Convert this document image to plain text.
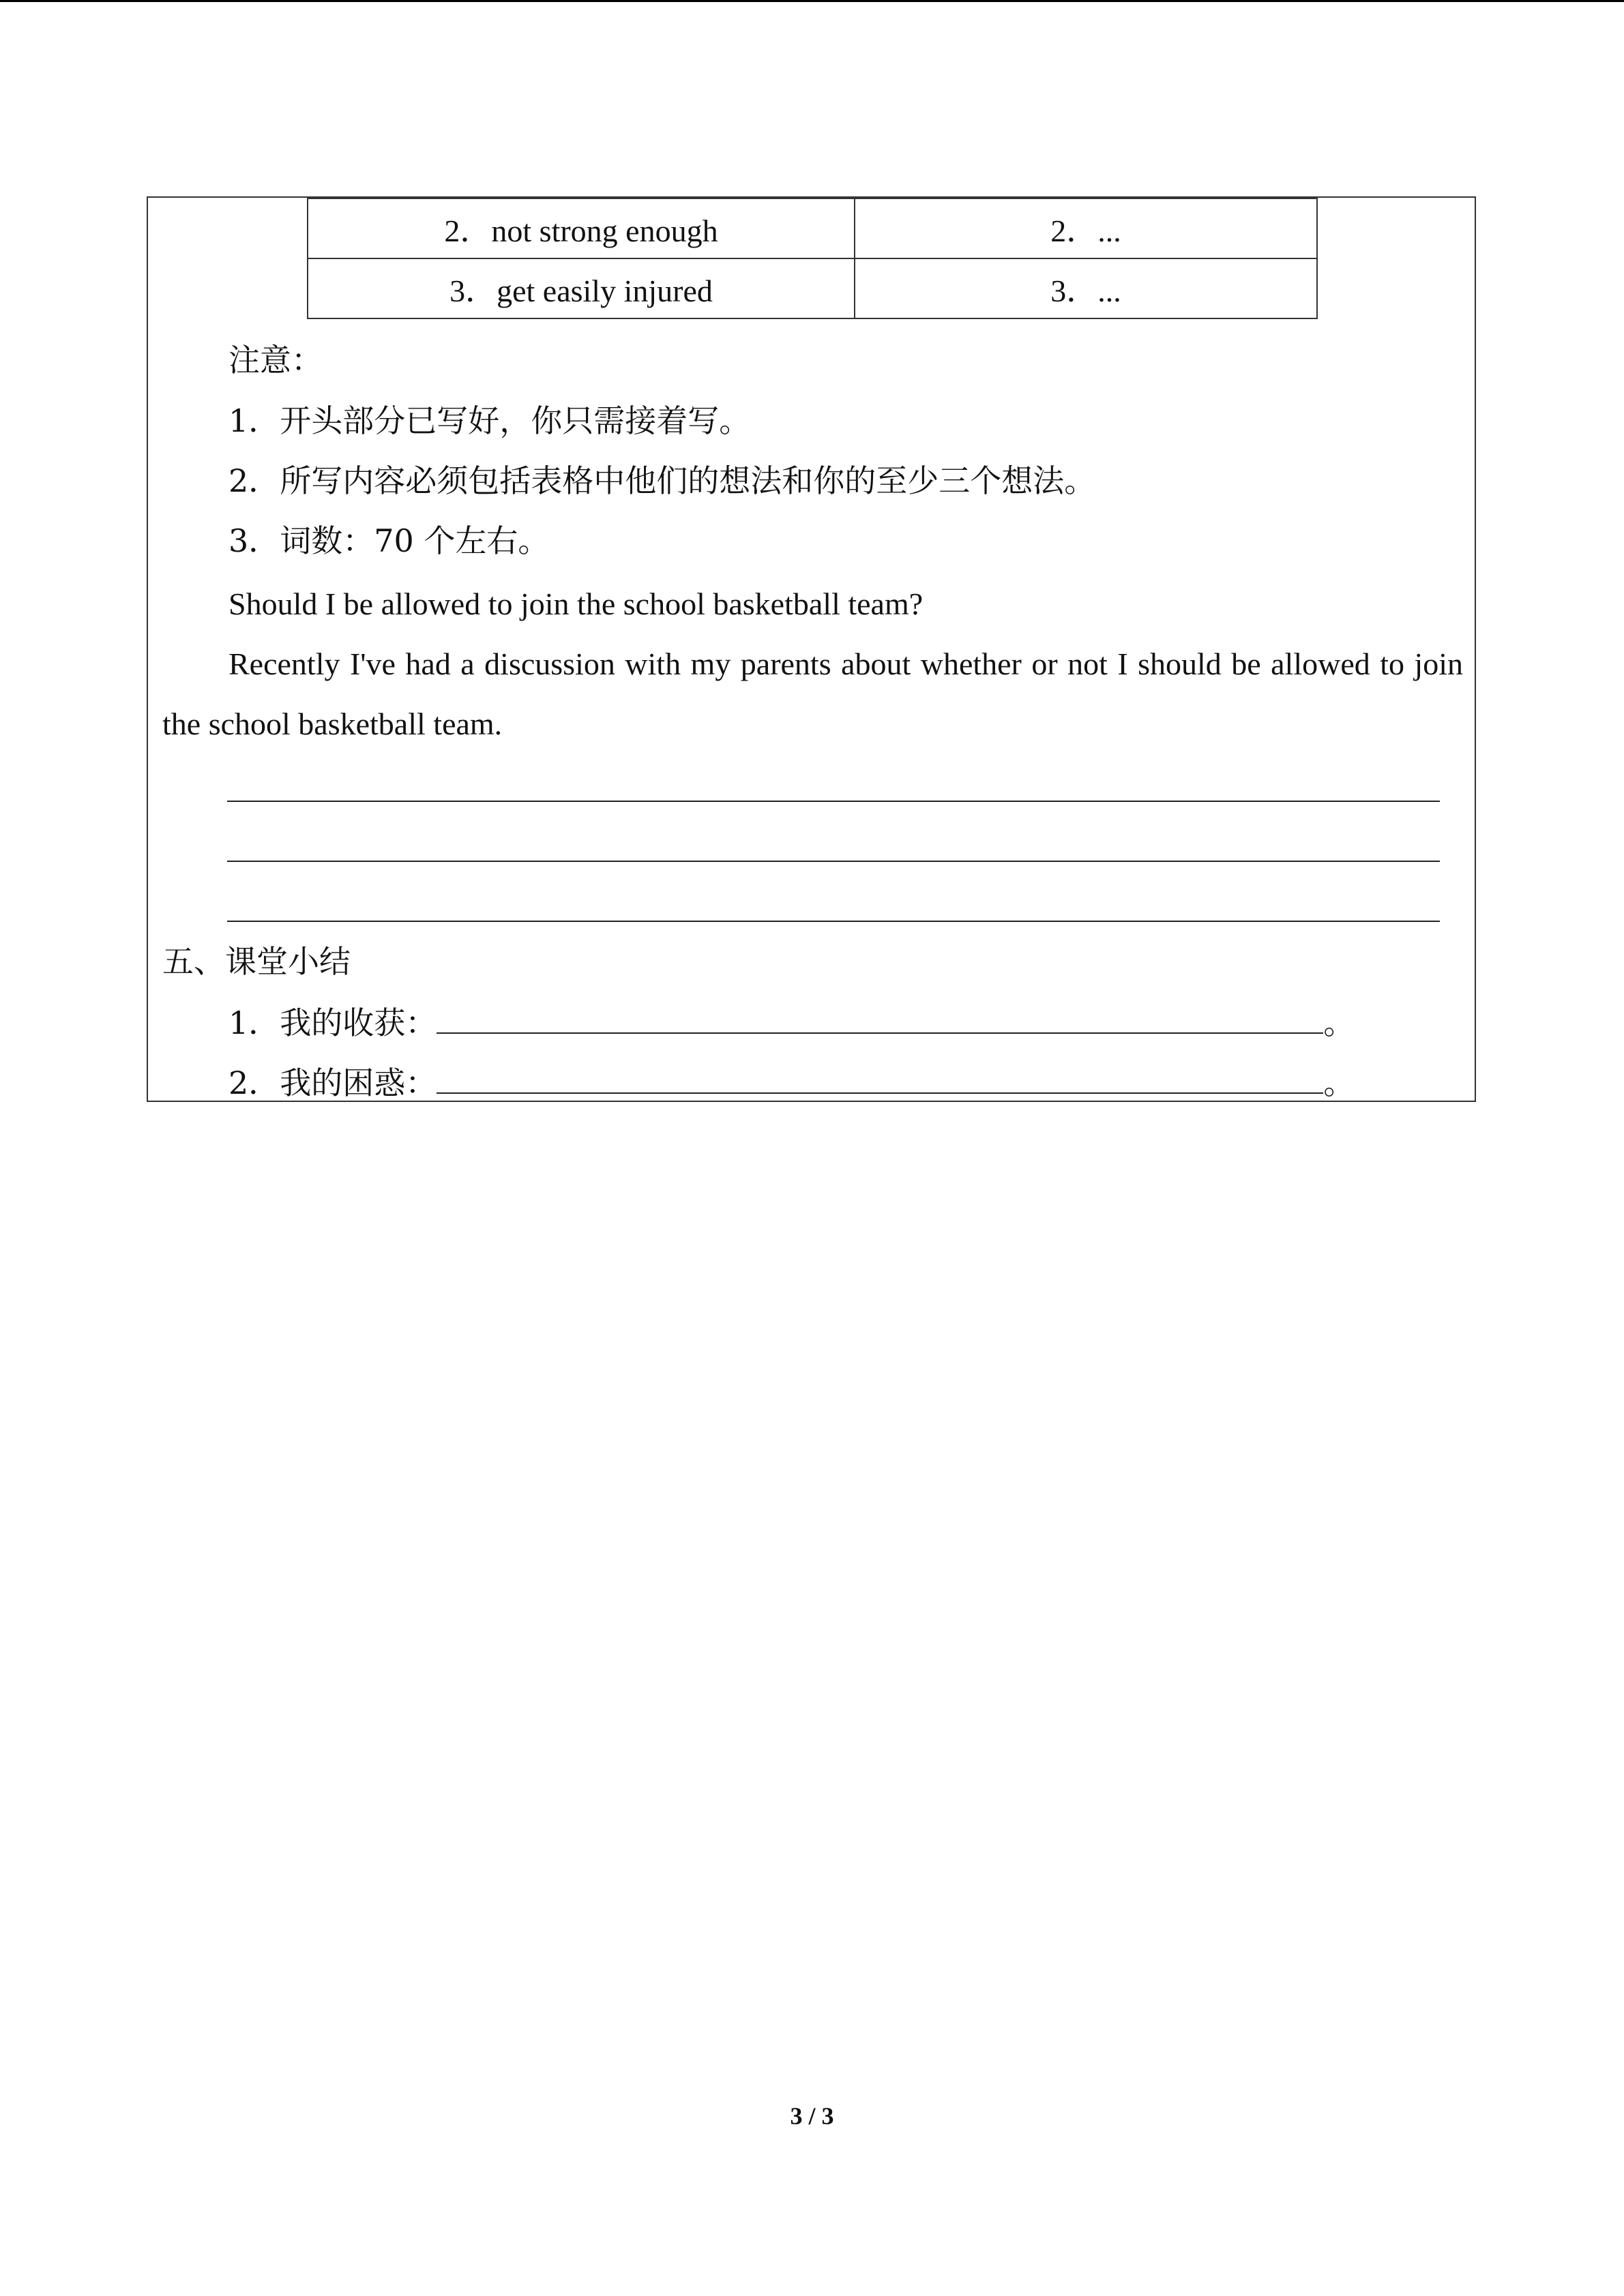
2．not strong enough	2．...
3．get easily injured	3．...
注意：
1．开头部分已写好，你只需接着写。
2．所写内容必须包括表格中他们的想法和你的至少三个想法。
3．词数：70 个左右。
Should I be allowed to join the school basketball team?
Recently I've had a discussion with my parents about whether or not I should be allowed to join
the school basketball team.
五、课堂小结
1．我的收获：	。
2．我的困惑：	。
3 / 3
